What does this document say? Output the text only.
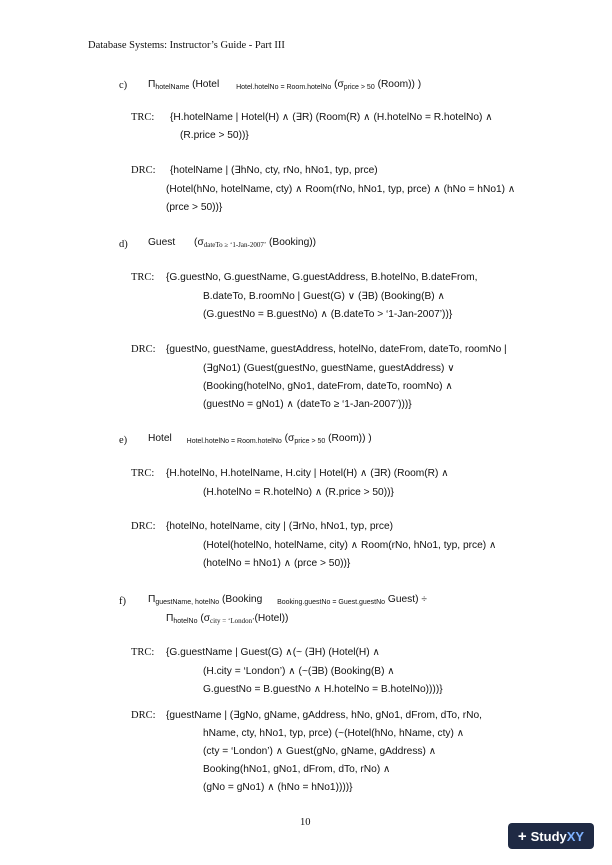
Database Systems: Instructor’s Guide - Part III
c) $\Pi_{hotelName}$ (Hotel $_{Hotel.hotelNo = Room.hotelNo}$ ($\sigma_{price > 50}$ (Room)) )
TRC: {H.hotelName | Hotel(H) ∧ (∃R) (Room(R) ∧ (H.hotelNo = R.hotelNo) ∧
(R.price > 50))}
DRC: {hotelName | (∃hNo, cty, rNo, hNo1, typ, prce)
(Hotel(hNo, hotelName, cty) ∧ Room(rNo, hNo1, typ, prce) ∧ (hNo = hNo1) ∧
(prce > 50))}
d) Guest ($\sigma_{dateTo \ge ‘1-Jan-2007’}$ (Booking))
TRC: {G.guestNo, G.guestName, G.guestAddress, B.hotelNo, B.dateFrom,
B.dateTo, B.roomNo | Guest(G) ∨ (∃B) (Booking(B) ∧
(G.guestNo = B.guestNo) ∧ (B.dateTo > ‘1-Jan-2007’))}
DRC: {guestNo, guestName, guestAddress, hotelNo, dateFrom, dateTo, roomNo |
(∃gNo1) (Guest(guestNo, guestName, guestAddress) ∨
(Booking(hotelNo, gNo1, dateFrom, dateTo, roomNo) ∧
(guestNo = gNo1) ∧ (dateTo ≥ ‘1-Jan-2007’)))}
e) Hotel $_{Hotel.hotelNo = Room.hotelNo}$ ($\sigma_{price > 50}$ (Room)) )
TRC: {H.hotelNo, H.hotelName, H.city | Hotel(H) ∧ (∃R) (Room(R) ∧
(H.hotelNo = R.hotelNo) ∧ (R.price > 50))}
DRC: {hotelNo, hotelName, city | (∃rNo, hNo1, typ, prce)
(Hotel(hotelNo, hotelName, city) ∧ Room(rNo, hNo1, typ, prce) ∧
(hotelNo = hNo1) ∧ (prce > 50))}
f) $\Pi_{guestName, hotelNo}$ (Booking $_{Booking.guestNo = Guest.guestNo}$ Guest) ÷
$\Pi_{hotelNo}$ $(\sigma_{city = ‘London’}(Hotel))$
TRC: {G.guestName | Guest(G) ∧(~ (∃H) (Hotel(H) ∧
(H.city = ‘London’) ∧ (~(∃B) (Booking(B) ∧
G.guestNo = B.guestNo ∧ H.hotelNo = B.hotelNo))))}
DRC: {guestName | (∃gNo, gName, gAddress, hNo, gNo1, dFrom, dTo, rNo,
hName, cty, hNo1, typ, prce) (~(Hotel(hNo, hName, cty) ∧
(cty = ‘London’) ∧ Guest(gNo, gName, gAddress) ∧
Booking(hNo1, gNo1, dFrom, dTo, rNo) ∧
(gNo = gNo1) ∧ (hNo = hNo1))))}
10
+ StudyXY
